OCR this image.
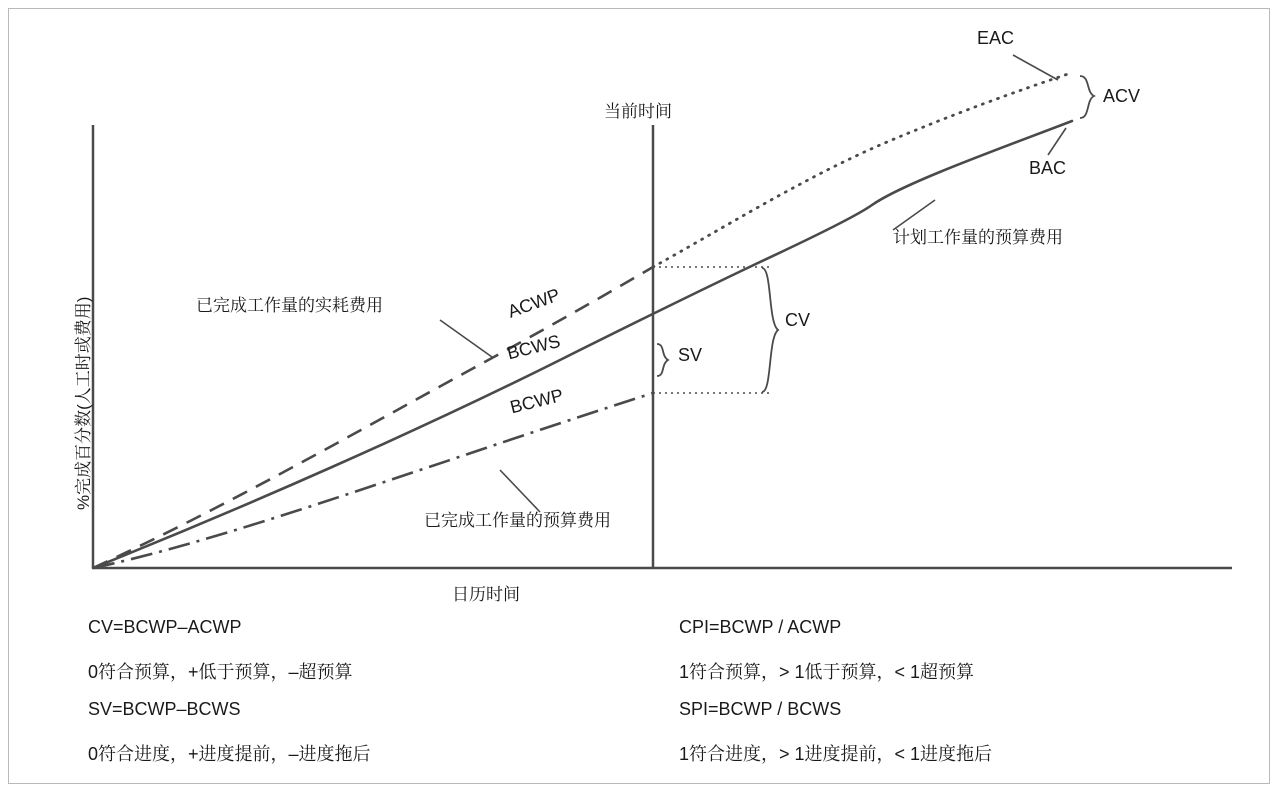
%完成百分数(人工时或费用)
日历时间
当前时间
ACWP
BCWS
BCWP
EAC
ACV
BAC
CV
SV
已完成工作量的实耗费用
计划工作量的预算费用
已完成工作量的预算费用
CV=BCWP–ACWP
0符合预算，+低于预算，–超预算
SV=BCWP–BCWS
0符合进度，+进度提前，–进度拖后
CPI=BCWP / ACWP
1符合预算，> 1低于预算，< 1超预算
SPI=BCWP / BCWS
1符合进度，> 1进度提前，< 1进度拖后
